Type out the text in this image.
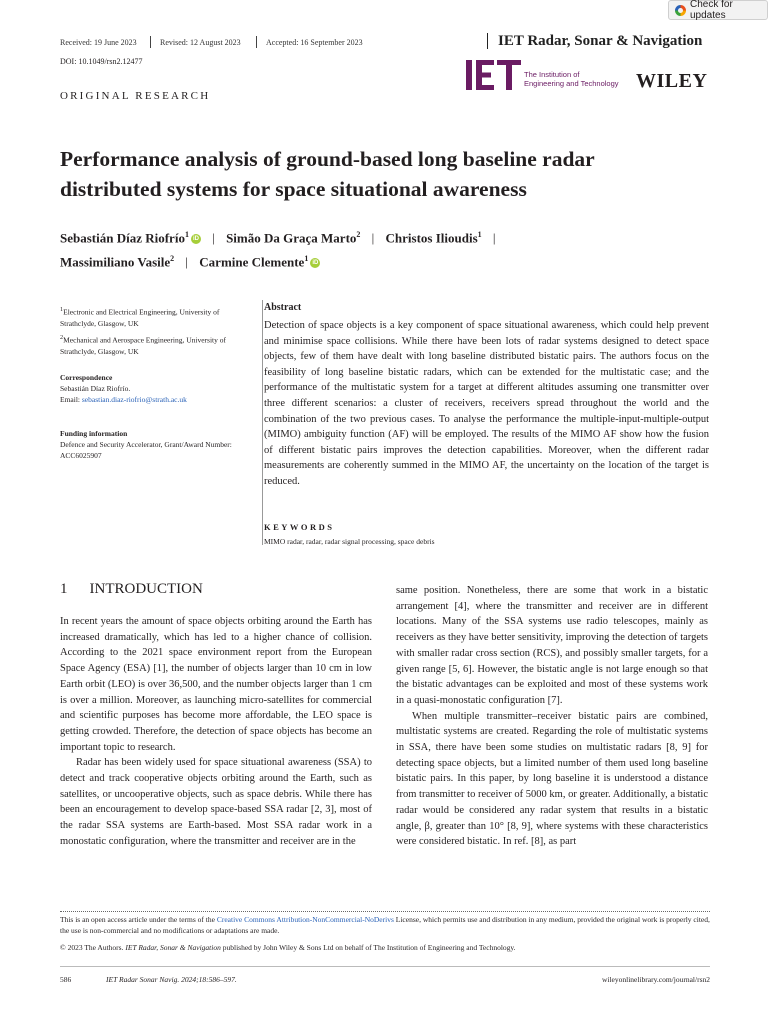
Check for updates
Received: 19 June 2023	Revised: 12 August 2023	Accepted: 16 September 2023	IET Radar, Sonar & Navigation
DOI: 10.1049/rsn2.12477
ORIGINAL RESEARCH
The Institution of
Engineering and Technology WILEY
Performance analysis of ground-based long baseline radar distributed systems for space situational awareness
Sebastián Díaz Riofrío$^1$iD | Simão Da Graça Marto$^2$ | Christos Ilioudis$^1$ |
Massimiliano Vasile$^2$ | Carmine Clemente$^1$iD
$^1$Electronic and Electrical Engineering, University of Strathclyde, Glasgow, UK
$^2$Mechanical and Aerospace Engineering, University of Strathclyde, Glasgow, UK
Correspondence
Sebastián Díaz Riofrío.
Email: sebastian.diaz-riofrio@strath.ac.uk
Funding information
Defence and Security Accelerator, Grant/Award Number: ACC6025907
Abstract
Detection of space objects is a key component of space situational awareness, which could help prevent and minimise space collisions. While there have been lots of radar systems designed to detect space objects, few of them have dealt with long baseline distributed bistatic pairs. The authors focus on the feasibility of long baseline bistatic radars, which can be extended for the multistatic case; and the performance of the multistatic system for a target at different altitudes assuming one transmitter over three different scenarios: a cluster of receivers, receivers spread throughout the world and the combination of the two previous cases. To analyse the performance the multiple-input-multiple-output (MIMO) ambiguity function (AF) will be employed. The results of the MIMO AF show how the fusion of different bistatic pairs improves the detection capabilities. Moreover, when the different radar measurements are coherently summed in the MIMO AF, the uncertainty on the location of the target is reduced.
KEYWORDS
MIMO radar, radar, radar signal processing, space debris
1 INTRODUCTION

In recent years the amount of space objects orbiting around the Earth has increased dramatically, which has led to a higher chance of collision. According to the 2021 space environment report from the European Space Agency (ESA) [1], the number of objects larger than 10 cm in low Earth orbit (LEO) is over 36,500, and the number objects larger than 1 cm is over a million. Moreover, as launching micro-satellites for commercial and scientific purposes has become more affordable, the LEO space is getting crowded. Therefore, the detection of space objects has become an important topic to research.

Radar has been widely used for space situational awareness (SSA) to detect and track cooperative objects orbiting around the Earth, such as satellites, or uncooperative objects, such as space debris. While there has been an encouragement to develop space-based SSA radar [2, 3], most of the radar SSA systems are Earth-based. Most SSA radar work in a monostatic configuration, where the transmitter and receiver are in the

same position. Nonetheless, there are some that work in a bistatic arrangement [4], where the transmitter and receiver are in different locations. Many of the SSA systems use radio telescopes, mainly as receivers as they have better sensitivity, improving the detection of targets with smaller radar cross section (RCS), and possibly smaller targets, for a given range [5, 6]. However, the bistatic angle is not large enough so that the bistatic advantages can be exploited and most of these systems work in a quasi-monostatic configuration [7].

When multiple transmitter–receiver bistatic pairs are combined, multistatic systems are created. Regarding the role of multistatic systems in SSA, there have been some studies on multistatic radars [8, 9] for detecting space objects, but a limited number of them used long baseline bistatic pairs. In this paper, by long baseline it is understood a distance from transmitter to receiver of 5000 km, or greater. Additionally, a bistatic radar would be considered any radar system that results in a bistatic angle, β, greater than 10° [8, 9], where systems with these characteristics were considered bistatic. In ref. [8], as part

This is an open access article under the terms of the Creative Commons Attribution-NonCommercial-NoDerivs License, which permits use and distribution in any medium, provided the original work is properly cited, the use is non-commercial and no modifications or adaptations are made.
© 2023 The Authors. IET Radar, Sonar & Navigation published by John Wiley & Sons Ltd on behalf of The Institution of Engineering and Technology.
586	IET Radar Sonar Navig. 2024;18:586–597.	wileyonlinelibrary.com/journal/rsn2
